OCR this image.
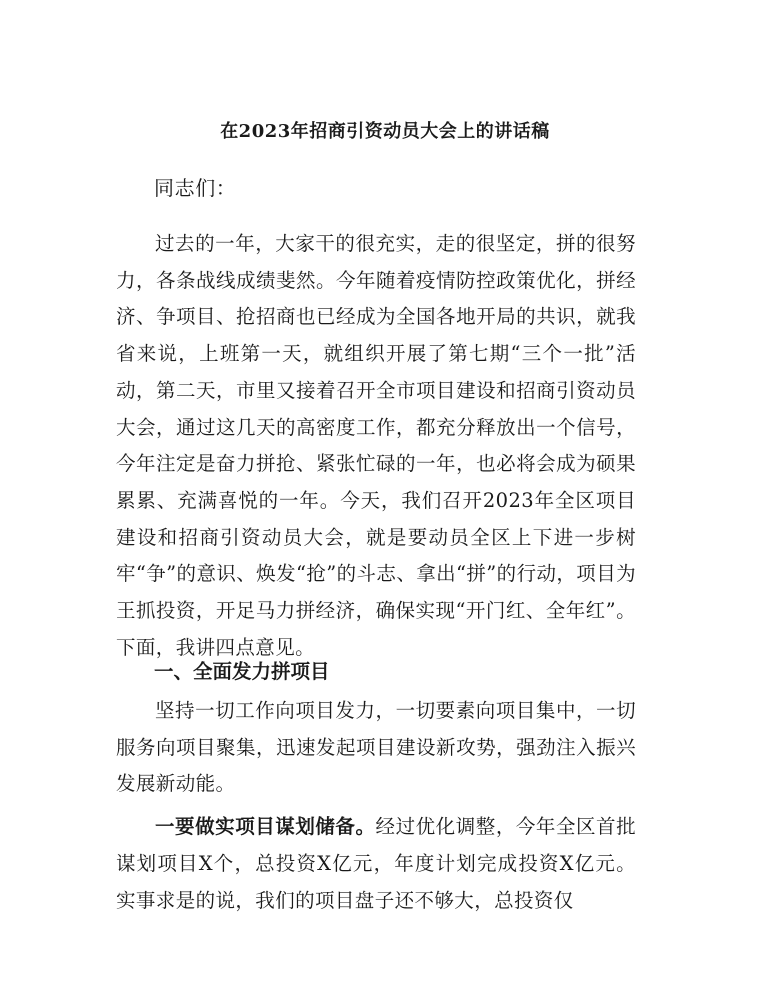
在2023年招商引资动员大会上的讲话稿
同志们：
过去的一年，大家干的很充实，走的很坚定，拼的很努力，各条战线成绩斐然。今年随着疫情防控政策优化，拼经济、争项目、抢招商也已经成为全国各地开局的共识，就我省来说，上班第一天，就组织开展了第七期“三个一批”活动，第二天，市里又接着召开全市项目建设和招商引资动员大会，通过这几天的高密度工作，都充分释放出一个信号，今年注定是奋力拼抢、紧张忙碌的一年，也必将会成为硕果累累、充满喜悦的一年。今天，我们召开2023年全区项目建设和招商引资动员大会，就是要动员全区上下进一步树牢“争”的意识、焕发“抢”的斗志、拿出“拼”的行动，项目为王抓投资，开足马力拼经济，确保实现“开门红、全年红”。下面，我讲四点意见。
一、全面发力拼项目
坚持一切工作向项目发力，一切要素向项目集中，一切服务向项目聚集，迅速发起项目建设新攻势，强劲注入振兴发展新动能。
一要做实项目谋划储备。经过优化调整，今年全区首批谋划项目X个，总投资X亿元，年度计划完成投资X亿元。实事求是的说，我们的项目盘子还不够大，总投资仅
